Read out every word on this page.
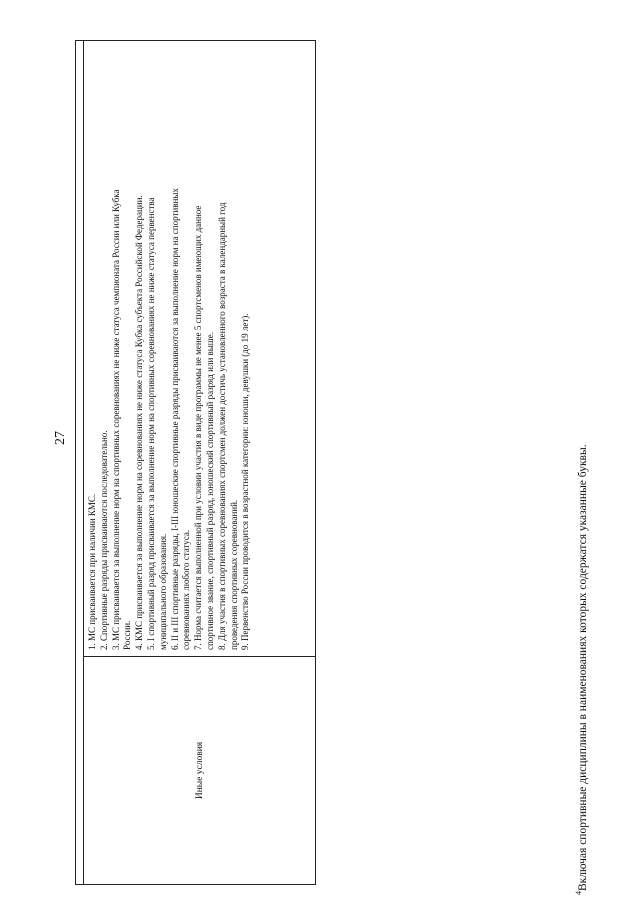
27
Иные условия
1. МС присваивается при наличии КМС. 2. Спортивные разряды присваиваются последовательно. 3. МС присваивается за выполнение норм на спортивных соревнованиях не ниже статуса чемпионата России или Кубка России. 4. КМС присваивается за выполнение норм на соревнованиях не ниже статуса Кубка субъекта Российской Федерации. 5. I спортивный разряд присваивается за выполнение норм на спортивных соревнованиях не ниже статуса первенства муниципального образования. 6. II и III спортивные разряды, I-III юношеские спортивные разряды присваиваются за выполнение норм на спортивных соревнованиях любого статуса. 7. Норма считается выполненной при условии участия в виде программы не менее 5 спортсменов имеющих данное спортивное звание, спортивный разряд, юношеский спортивный разряд или выше. 8. Для участия в спортивных соревнованиях спортсмен должен достичь установленного возраста в календарный год проведения спортивных соревнований. 9. Первенство России проводится в возрастной категории: юноши, девушки (до 19 лет).
$^4$Включая спортивные дисциплины в наименованиях которых содержатся указанные буквы.
